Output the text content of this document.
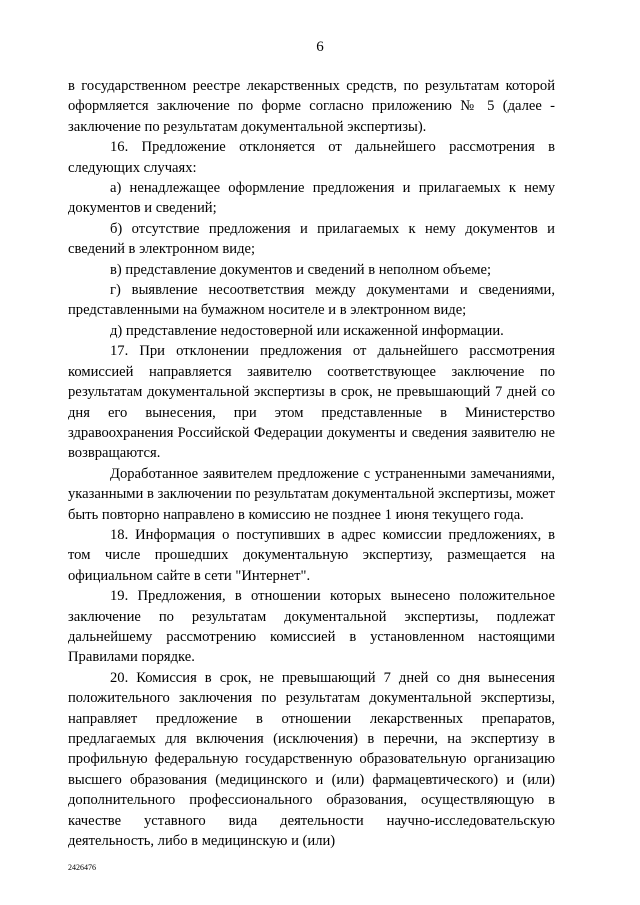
6

в государственном реестре лекарственных средств, по результатам которой оформляется заключение по форме согласно приложению № 5 (далее - заключение по результатам документальной экспертизы).

16. Предложение отклоняется от дальнейшего рассмотрения в следующих случаях:

а) ненадлежащее оформление предложения и прилагаемых к нему документов и сведений;

б) отсутствие предложения и прилагаемых к нему документов и сведений в электронном виде;

в) представление документов и сведений в неполном объеме;

г) выявление несоответствия между документами и сведениями, представленными на бумажном носителе и в электронном виде;

д) представление недостоверной или искаженной информации.

17. При отклонении предложения от дальнейшего рассмотрения комиссией направляется заявителю соответствующее заключение по результатам документальной экспертизы в срок, не превышающий 7 дней со дня его вынесения, при этом представленные в Министерство здравоохранения Российской Федерации документы и сведения заявителю не возвращаются.

Доработанное заявителем предложение с устраненными замечаниями, указанными в заключении по результатам документальной экспертизы, может быть повторно направлено в комиссию не позднее 1 июня текущего года.

18. Информация о поступивших в адрес комиссии предложениях, в том числе прошедших документальную экспертизу, размещается на официальном сайте в сети "Интернет".

19. Предложения, в отношении которых вынесено положительное заключение по результатам документальной экспертизы, подлежат дальнейшему рассмотрению комиссией в установленном настоящими Правилами порядке.

20. Комиссия в срок, не превышающий 7 дней со дня вынесения положительного заключения по результатам документальной экспертизы, направляет предложение в отношении лекарственных препаратов, предлагаемых для включения (исключения) в перечни, на экспертизу в профильную федеральную государственную образовательную организацию высшего образования (медицинского и (или) фармацевтического) и (или) дополнительного профессионального образования, осуществляющую в качестве уставного вида деятельности научно-исследовательскую деятельность, либо в медицинскую и (или)

2426476
